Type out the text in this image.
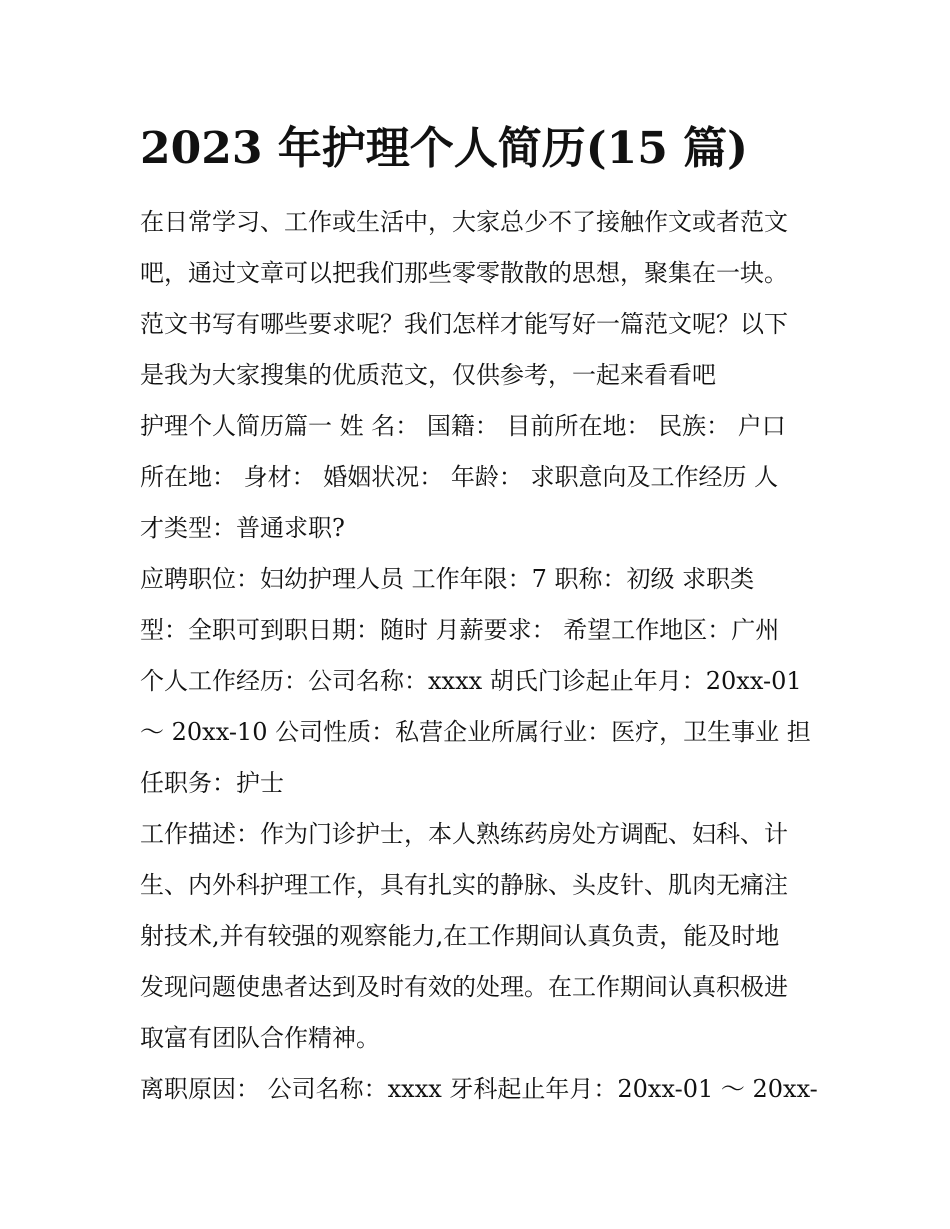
2023 年护理个人简历(15 篇)

在日常学习、工作或生活中，大家总少不了接触作文或者范文

吧，通过文章可以把我们那些零零散散的思想，聚集在一块。

范文书写有哪些要求呢？我们怎样才能写好一篇范文呢？以下

是我为大家搜集的优质范文，仅供参考，一起来看看吧

护理个人简历篇一 姓 名： 国籍： 目前所在地： 民族： 户口

所在地： 身材： 婚姻状况： 年龄： 求职意向及工作经历 人

才类型：普通求职?

应聘职位：妇幼护理人员 工作年限：7 职称：初级 求职类

型：全职可到职日期：随时 月薪要求： 希望工作地区：广州

个人工作经历：公司名称：xxxx 胡氏门诊起止年月：20xx-01

～ 20xx-10 公司性质：私营企业所属行业：医疗，卫生事业 担

任职务：护士

工作描述：作为门诊护士，本人熟练药房处方调配、妇科、计

生、内外科护理工作，具有扎实的静脉、头皮针、肌肉无痛注

射技术,并有较强的观察能力,在工作期间认真负责，能及时地

发现问题使患者达到及时有效的处理。在工作期间认真积极进

取富有团队合作精神。

离职原因： 公司名称：xxxx 牙科起止年月：20xx-01 ～ 20xx-
